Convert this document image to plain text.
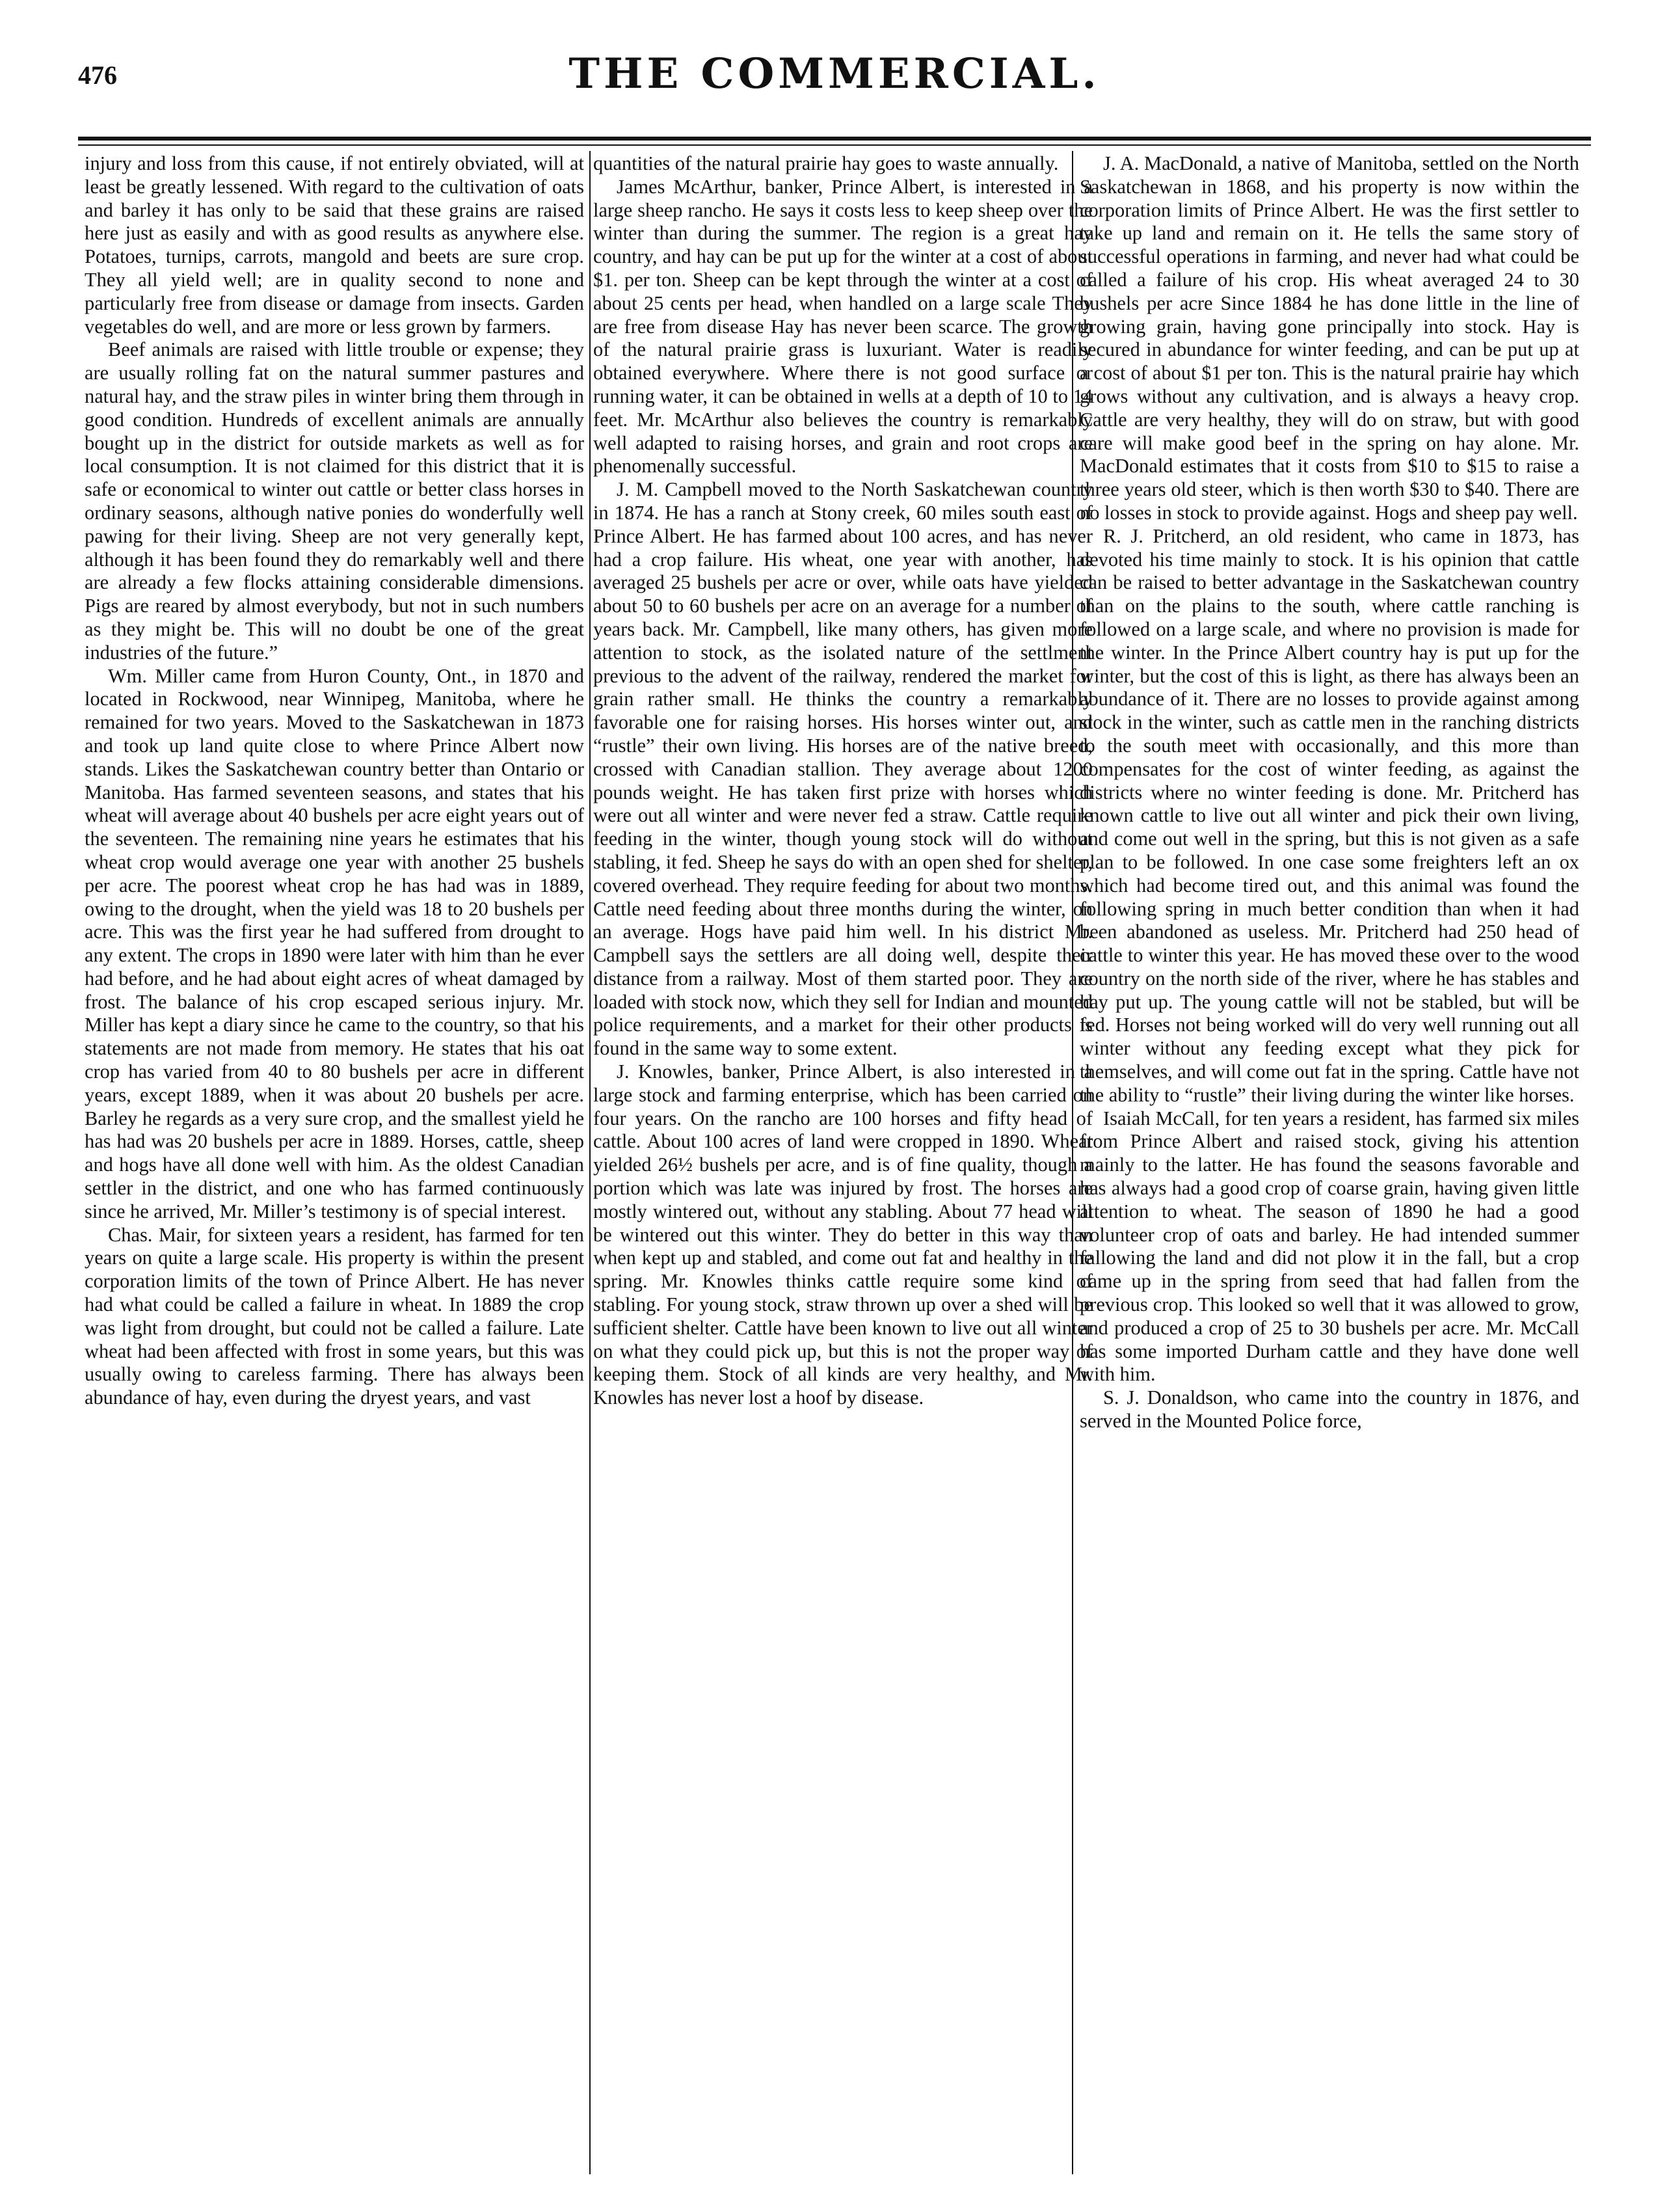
476	THE COMMERCIAL.

injury and loss from this cause, if not entirely obviated, will at least be greatly lessened. With regard to the cultivation of oats and barley it has only to be said that these grains are raised here just as easily and with as good results as anywhere else. Potatoes, turnips, carrots, mangold and beets are sure crop. They all yield well; are in quality second to none and particularly free from disease or damage from insects. Garden vegetables do well, and are more or less grown by farmers.

Beef animals are raised with little trouble or expense; they are usually rolling fat on the natural summer pastures and natural hay, and the straw piles in winter bring them through in good condition. Hundreds of excellent animals are annually bought up in the district for outside markets as well as for local consumption. It is not claimed for this district that it is safe or economical to winter out cattle or better class horses in ordinary seasons, although native ponies do wonderfully well pawing for their living. Sheep are not very generally kept, although it has been found they do remarkably well and there are already a few flocks attaining considerable dimensions. Pigs are reared by almost everybody, but not in such numbers as they might be. This will no doubt be one of the great industries of the future.”

Wm. Miller came from Huron County, Ont., in 1870 and located in Rockwood, near Winnipeg, Manitoba, where he remained for two years. Moved to the Saskatchewan in 1873 and took up land quite close to where Prince Albert now stands. Likes the Saskatchewan country better than Ontario or Manitoba. Has farmed seventeen seasons, and states that his wheat will average about 40 bushels per acre eight years out of the seventeen. The remaining nine years he estimates that his wheat crop would average one year with another 25 bushels per acre. The poorest wheat crop he has had was in 1889, owing to the drought, when the yield was 18 to 20 bushels per acre. This was the first year he had suffered from drought to any extent. The crops in 1890 were later with him than he ever had before, and he had about eight acres of wheat damaged by frost. The balance of his crop escaped serious injury. Mr. Miller has kept a diary since he came to the country, so that his statements are not made from memory. He states that his oat crop has varied from 40 to 80 bushels per acre in different years, except 1889, when it was about 20 bushels per acre. Barley he regards as a very sure crop, and the smallest yield he has had was 20 bushels per acre in 1889. Horses, cattle, sheep and hogs have all done well with him. As the oldest Canadian settler in the district, and one who has farmed continuously since he arrived, Mr. Miller’s testimony is of special interest.

Chas. Mair, for sixteen years a resident, has farmed for ten years on quite a large scale. His property is within the present corporation limits of the town of Prince Albert. He has never had what could be called a failure in wheat. In 1889 the crop was light from drought, but could not be called a failure. Late wheat had been affected with frost in some years, but this was usually owing to careless farming. There has always been abundance of hay, even during the dryest years, and vast

quantities of the natural prairie hay goes to waste annually.

James McArthur, banker, Prince Albert, is interested in a large sheep rancho. He says it costs less to keep sheep over the winter than during the summer. The region is a great hay country, and hay can be put up for the winter at a cost of about $1. per ton. Sheep can be kept through the winter at a cost of about 25 cents per head, when handled on a large scale They are free from disease Hay has never been scarce. The growth of the natural prairie grass is luxuriant. Water is readily obtained everywhere. Where there is not good surface or running water, it can be obtained in wells at a depth of 10 to 14 feet. Mr. McArthur also believes the country is remarkably well adapted to raising horses, and grain and root crops are phenomenally successful.

J. M. Campbell moved to the North Saskatchewan country in 1874. He has a ranch at Stony creek, 60 miles south east of Prince Albert. He has farmed about 100 acres, and has never had a crop failure. His wheat, one year with another, has averaged 25 bushels per acre or over, while oats have yielded about 50 to 60 bushels per acre on an average for a number of years back. Mr. Campbell, like many others, has given more attention to stock, as the isolated nature of the settlment previous to the advent of the railway, rendered the market for grain rather small. He thinks the country a remarkably favorable one for raising horses. His horses winter out, and “rustle” their own living. His horses are of the native breed, crossed with Canadian stallion. They average about 1200 pounds weight. He has taken first prize with horses which were out all winter and were never fed a straw. Cattle require feeding in the winter, though young stock will do without stabling, it fed. Sheep he says do with an open shed for shelter, covered overhead. They require feeding for about two months. Cattle need feeding about three months during the winter, on an average. Hogs have paid him well. In his district Mr. Campbell says the settlers are all doing well, despite their distance from a railway. Most of them started poor. They are loaded with stock now, which they sell for Indian and mounted police requirements, and a market for their other products is found in the same way to some extent.

J. Knowles, banker, Prince Albert, is also interested in a large stock and farming enterprise, which has been carried on four years. On the rancho are 100 horses and fifty head of cattle. About 100 acres of land were cropped in 1890. Wheat yielded 26½ bushels per acre, and is of fine quality, though a portion which was late was injured by frost. The horses are mostly wintered out, without any stabling. About 77 head will be wintered out this winter. They do better in this way than when kept up and stabled, and come out fat and healthy in the spring. Mr. Knowles thinks cattle require some kind of stabling. For young stock, straw thrown up over a shed will be sufficient shelter. Cattle have been known to live out all winter on what they could pick up, but this is not the proper way of keeping them. Stock of all kinds are very healthy, and Mr. Knowles has never lost a hoof by disease.

J. A. MacDonald, a native of Manitoba, settled on the North Saskatchewan in 1868, and his property is now within the corporation limits of Prince Albert. He was the first settler to take up land and remain on it. He tells the same story of successful operations in farming, and never had what could be called a failure of his crop. His wheat averaged 24 to 30 bushels per acre Since 1884 he has done little in the line of growing grain, having gone principally into stock. Hay is secured in abundance for winter feeding, and can be put up at a cost of about $1 per ton. This is the natural prairie hay which grows without any cultivation, and is always a heavy crop. Cattle are very healthy, they will do on straw, but with good care will make good beef in the spring on hay alone. Mr. MacDonald estimates that it costs from $10 to $15 to raise a three years old steer, which is then worth $30 to $40. There are no losses in stock to provide against. Hogs and sheep pay well.

R. J. Pritcherd, an old resident, who came in 1873, has devoted his time mainly to stock. It is his opinion that cattle can be raised to better advantage in the Saskatchewan country than on the plains to the south, where cattle ranching is followed on a large scale, and where no provision is made for the winter. In the Prince Albert country hay is put up for the winter, but the cost of this is light, as there has always been an abundance of it. There are no losses to provide against among stock in the winter, such as cattle men in the ranching districts to the south meet with occasionally, and this more than compensates for the cost of winter feeding, as against the districts where no winter feeding is done. Mr. Pritcherd has known cattle to live out all winter and pick their own living, and come out well in the spring, but this is not given as a safe plan to be followed. In one case some freighters left an ox which had become tired out, and this animal was found the following spring in much better condition than when it had been abandoned as useless. Mr. Pritcherd had 250 head of cattle to winter this year. He has moved these over to the wood country on the north side of the river, where he has stables and hay put up. The young cattle will not be stabled, but will be fed. Horses not being worked will do very well running out all winter without any feeding except what they pick for themselves, and will come out fat in the spring. Cattle have not the ability to “rustle” their living during the winter like horses.

Isaiah McCall, for ten years a resident, has farmed six miles from Prince Albert and raised stock, giving his attention mainly to the latter. He has found the seasons favorable and has always had a good crop of coarse grain, having given little attention to wheat. The season of 1890 he had a good volunteer crop of oats and barley. He had intended summer fallowing the land and did not plow it in the fall, but a crop came up in the spring from seed that had fallen from the previous crop. This looked so well that it was allowed to grow, and produced a crop of 25 to 30 bushels per acre. Mr. McCall has some imported Durham cattle and they have done well with him.

S. J. Donaldson, who came into the country in 1876, and served in the Mounted Police force,
